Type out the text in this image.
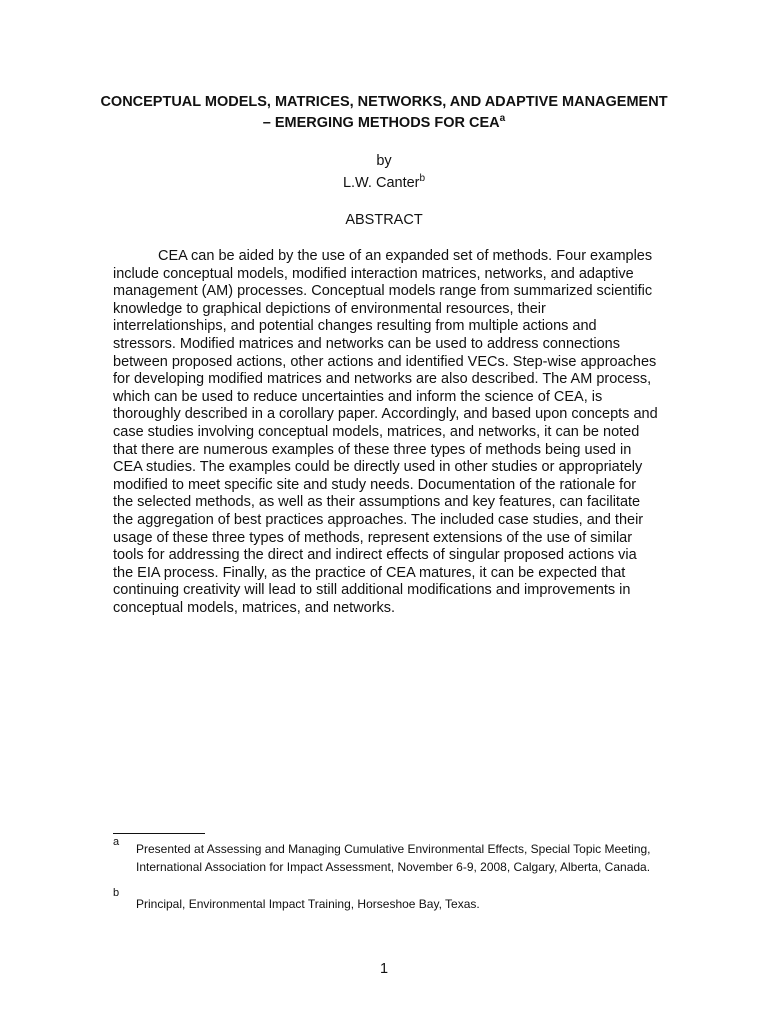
CONCEPTUAL MODELS, MATRICES, NETWORKS, AND ADAPTIVE MANAGEMENT – EMERGING METHODS FOR CEA$^a$
by
L.W. Canter$^b$
ABSTRACT

CEA can be aided by the use of an expanded set of methods. Four examples include conceptual models, modified interaction matrices, networks, and adaptive management (AM) processes. Conceptual models range from summarized scientific knowledge to graphical depictions of environmental resources, their interrelationships, and potential changes resulting from multiple actions and stressors. Modified matrices and networks can be used to address connections between proposed actions, other actions and identified VECs. Step-wise approaches for developing modified matrices and networks are also described. The AM process, which can be used to reduce uncertainties and inform the science of CEA, is thoroughly described in a corollary paper. Accordingly, and based upon concepts and case studies involving conceptual models, matrices, and networks, it can be noted that there are numerous examples of these three types of methods being used in CEA studies. The examples could be directly used in other studies or appropriately modified to meet specific site and study needs. Documentation of the rationale for the selected methods, as well as their assumptions and key features, can facilitate the aggregation of best practices approaches. The included case studies, and their usage of these three types of methods, represent extensions of the use of similar tools for addressing the direct and indirect effects of singular proposed actions via the EIA process. Finally, as the practice of CEA matures, it can be expected that continuing creativity will lead to still additional modifications and improvements in conceptual models, matrices, and networks.

a Presented at Assessing and Managing Cumulative Environmental Effects, Special Topic Meeting, International Association for Impact Assessment, November 6-9, 2008, Calgary, Alberta, Canada.
b
Principal, Environmental Impact Training, Horseshoe Bay, Texas.
1
